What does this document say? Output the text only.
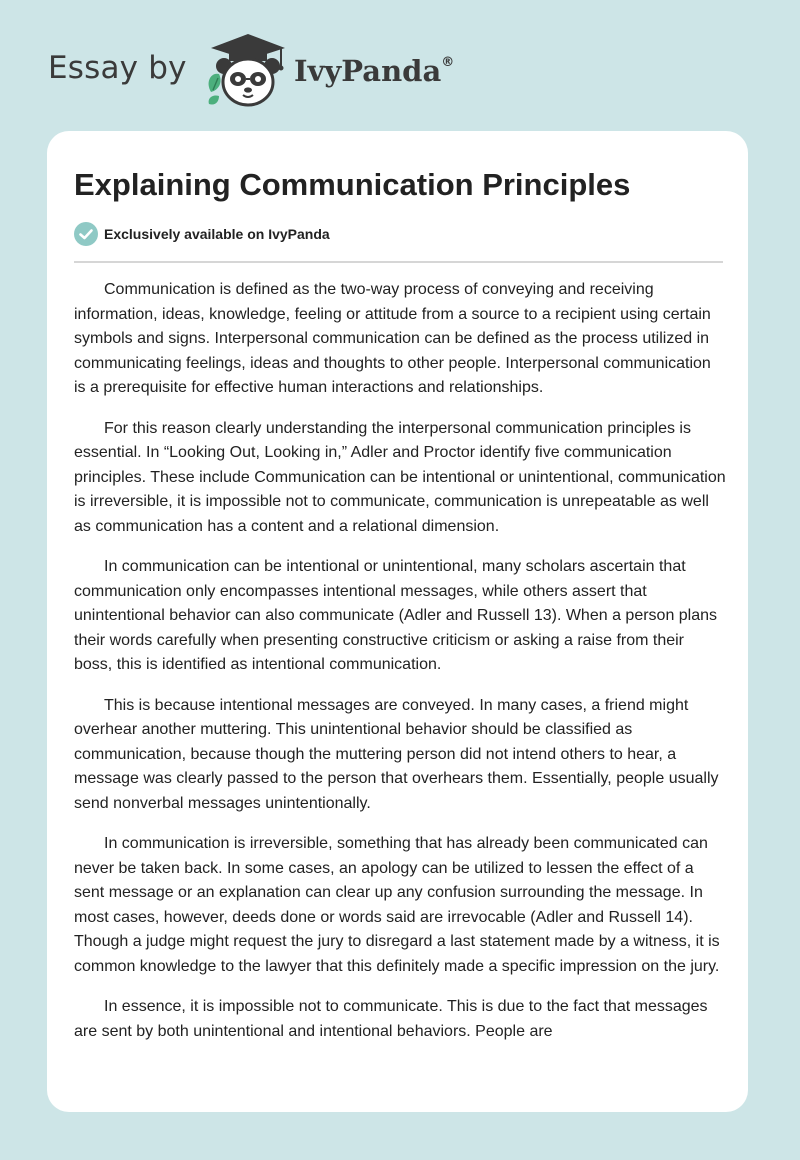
Essay by	IvyPanda®
Explaining Communication Principles
Exclusively available on IvyPanda

Communication is defined as the two-way process of conveying and receiving information, ideas, knowledge, feeling or attitude from a source to a recipient using certain symbols and signs. Interpersonal communication can be defined as the process utilized in communicating feelings, ideas and thoughts to other people. Interpersonal communication is a prerequisite for effective human interactions and relationships.

For this reason clearly understanding the interpersonal communication principles is essential. In “Looking Out, Looking in,” Adler and Proctor identify five communication principles. These include Communication can be intentional or unintentional, communication is irreversible, it is impossible not to communicate, communication is unrepeatable as well as communication has a content and a relational dimension.

In communication can be intentional or unintentional, many scholars ascertain that communication only encompasses intentional messages, while others assert that unintentional behavior can also communicate (Adler and Russell 13). When a person plans their words carefully when presenting constructive criticism or asking a raise from their boss, this is identified as intentional communication.

This is because intentional messages are conveyed. In many cases, a friend might overhear another muttering. This unintentional behavior should be classified as communication, because though the muttering person did not intend others to hear, a message was clearly passed to the person that overhears them. Essentially, people usually send nonverbal messages unintentionally.

In communication is irreversible, something that has already been communicated can never be taken back. In some cases, an apology can be utilized to lessen the effect of a sent message or an explanation can clear up any confusion surrounding the message. In most cases, however, deeds done or words said are irrevocable (Adler and Russell 14). Though a judge might request the jury to disregard a last statement made by a witness, it is common knowledge to the lawyer that this definitely made a specific impression on the jury.

In essence, it is impossible not to communicate. This is due to the fact that messages are sent by both unintentional and intentional behaviors. People are
